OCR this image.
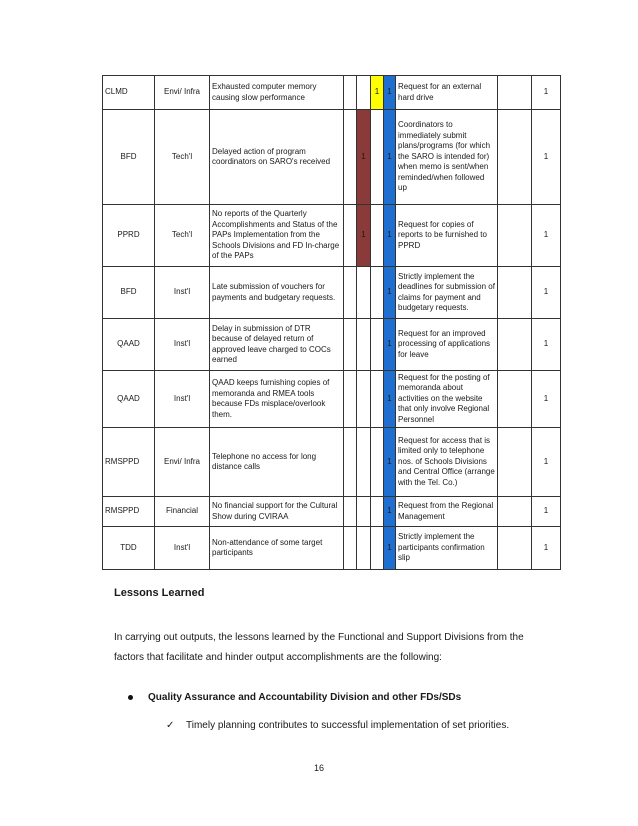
CLMD	Envi/ Infra	Exhausted computer memory causing slow performance			1	1	Request for an external hard drive		1
BFD	Tech'l	Delayed action of program coordinators on SARO's received		1		1	Coordinators to immediately submit plans/programs (for which the SARO is intended for) when memo is sent/when reminded/when followed up		1
PPRD	Tech'l	No reports of the Quarterly Accomplishments and Status of the PAPs Implementation from the Schools Divisions and FD In-charge of the PAPs		1		1	Request for copies of reports to be furnished to PPRD		1
BFD	Inst'l	Late submission of vouchers for payments and budgetary requests.				1	Strictly implement the deadlines for submission of claims for payment and budgetary requests.		1
QAAD	Inst'l	Delay in submission of DTR because of delayed return of approved leave charged to COCs earned				1	Request for an improved processing of applications for leave		1
QAAD	Inst'l	QAAD keeps furnishing copies of memoranda and RMEA tools because FDs misplace/overlook them.				1	Request for the posting of memoranda about activities on the website that only involve Regional Personnel		1
RMSPPD	Envi/ Infra	Telephone no access for long distance calls				1	Request for access that is limited only to telephone nos. of Schools Divisions and Central Office (arrange with the Tel. Co.)		1
RMSPPD	Financial	No financial support for the Cultural Show during CVIRAA				1	Request from the Regional Management		1
TDD	Inst'l	Non-attendance of some target participants				1	Strictly implement the participants confirmation slip		1
Lessons Learned
In carrying out outputs, the lessons learned by the Functional and Support Divisions from the factors that facilitate and hinder output accomplishments are the following:
Quality Assurance and Accountability Division and other FDs/SDs
✓	Timely planning contributes to successful implementation of set priorities.
16
